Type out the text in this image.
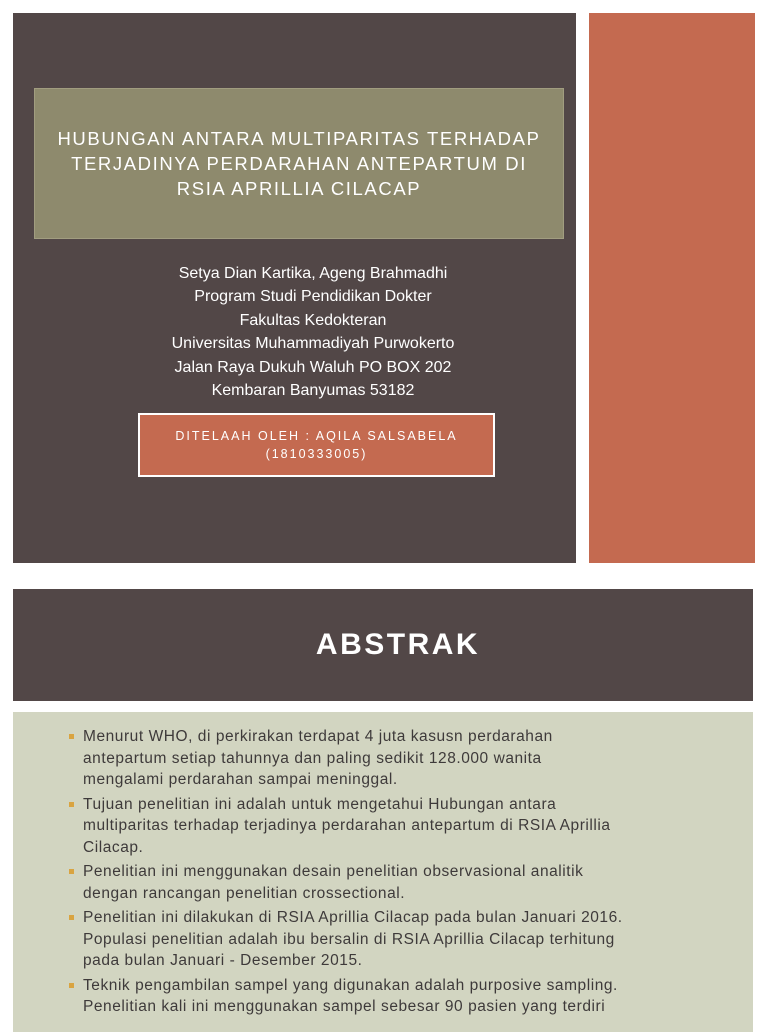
HUBUNGAN ANTARA MULTIPARITAS TERHADAP
TERJADINYA PERDARAHAN ANTEPARTUM DI
RSIA APRILLIA CILACAP
Setya Dian Kartika, Ageng Brahmadhi
Program Studi Pendidikan Dokter
Fakultas Kedokteran
Universitas Muhammadiyah Purwokerto
Jalan Raya Dukuh Waluh PO BOX 202
Kembaran Banyumas 53182
DITELAAH OLEH : AQILA SALSABELA
(1810333005)
ABSTRAK
Menurut WHO, di perkirakan terdapat 4 juta kasusn perdarahan
antepartum setiap tahunnya dan paling sedikit 128.000 wanita
mengalami perdarahan sampai meninggal.
Tujuan penelitian ini adalah untuk mengetahui Hubungan antara
multiparitas terhadap terjadinya perdarahan antepartum di RSIA Aprillia
Cilacap.
Penelitian ini menggunakan desain penelitian observasional analitik
dengan rancangan penelitian crossectional.
Penelitian ini dilakukan di RSIA Aprillia Cilacap pada bulan Januari 2016.
Populasi penelitian adalah ibu bersalin di RSIA Aprillia Cilacap terhitung
pada bulan Januari - Desember 2015.
Teknik pengambilan sampel yang digunakan adalah purposive sampling.
Penelitian kali ini menggunakan sampel sebesar 90 pasien yang terdiri
